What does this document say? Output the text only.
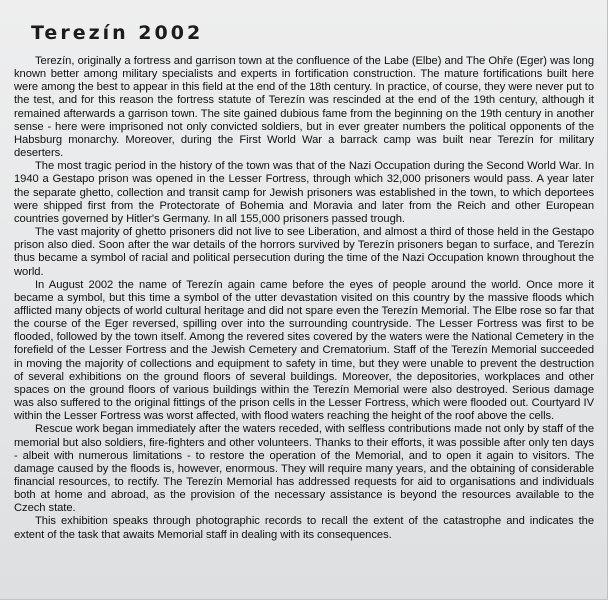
Terezín 2002

Terezín, originally a fortress and garrison town at the confluence of the Labe (Elbe) and The Ohře (Eger) was long known better among military specialists and experts in fortification construction. The mature fortifications built here were among the best to appear in this field at the end of the 18th century. In practice, of course, they were never put to the test, and for this reason the fortress statute of Terezín was rescinded at the end of the 19th century, although it remained afterwards a garrison town. The site gained dubious fame from the beginning on the 19th century in another sense - here were imprisoned not only convicted soldiers, but in ever greater numbers the political opponents of the Habsburg monarchy. Moreover, during the First World War a barrack camp was built near Terezín for military deserters.

The most tragic period in the history of the town was that of the Nazi Occupation during the Second World War. In 1940 a Gestapo prison was opened in the Lesser Fortress, through which 32,000 prisoners would pass. A year later the separate ghetto, collection and transit camp for Jewish prisoners was established in the town, to which deportees were shipped first from the Protectorate of Bohemia and Moravia and later from the Reich and other European countries governed by Hitler's Germany. In all 155,000 prisoners passed trough.

The vast majority of ghetto prisoners did not live to see Liberation, and almost a third of those held in the Gestapo prison also died. Soon after the war details of the horrors survived by Terezín prisoners began to surface, and Terezín thus became a symbol of racial and political persecution during the time of the Nazi Occupation known throughout the world.

In August 2002 the name of Terezín again came before the eyes of people around the world. Once more it became a symbol, but this time a symbol of the utter devastation visited on this country by the massive floods which afflicted many objects of world cultural heritage and did not spare even the Terezín Memorial. The Elbe rose so far that the course of the Eger reversed, spilling over into the surrounding countryside. The Lesser Fortress was first to be flooded, followed by the town itself. Among the revered sites covered by the waters were the National Cemetery in the forefield of the Lesser Fortress and the Jewish Cemetery and Crematorium. Staff of the Terezín Memorial succeeded in moving the majority of collections and equipment to safety in time, but they were unable to prevent the destruction of several exhibitions on the ground floors of several buildings. Moreover, the depositories, workplaces and other spaces on the ground floors of various buildings within the Terezín Memorial were also destroyed. Serious damage was also suffered to the original fittings of the prison cells in the Lesser Fortress, which were flooded out. Courtyard IV within the Lesser Fortress was worst affected, with flood waters reaching the height of the roof above the cells.

Rescue work began immediately after the waters receded, with selfless contributions made not only by staff of the memorial but also soldiers, fire-fighters and other volunteers. Thanks to their efforts, it was possible after only ten days - albeit with numerous limitations - to restore the operation of the Memorial, and to open it again to visitors. The damage caused by the floods is, however, enormous. They will require many years, and the obtaining of considerable financial resources, to rectify. The Terezín Memorial has addressed requests for aid to organisations and individuals both at home and abroad, as the provision of the necessary assistance is beyond the resources available to the Czech state.

This exhibition speaks through photographic records to recall the extent of the catastrophe and indicates the extent of the task that awaits Memorial staff in dealing with its consequences.
